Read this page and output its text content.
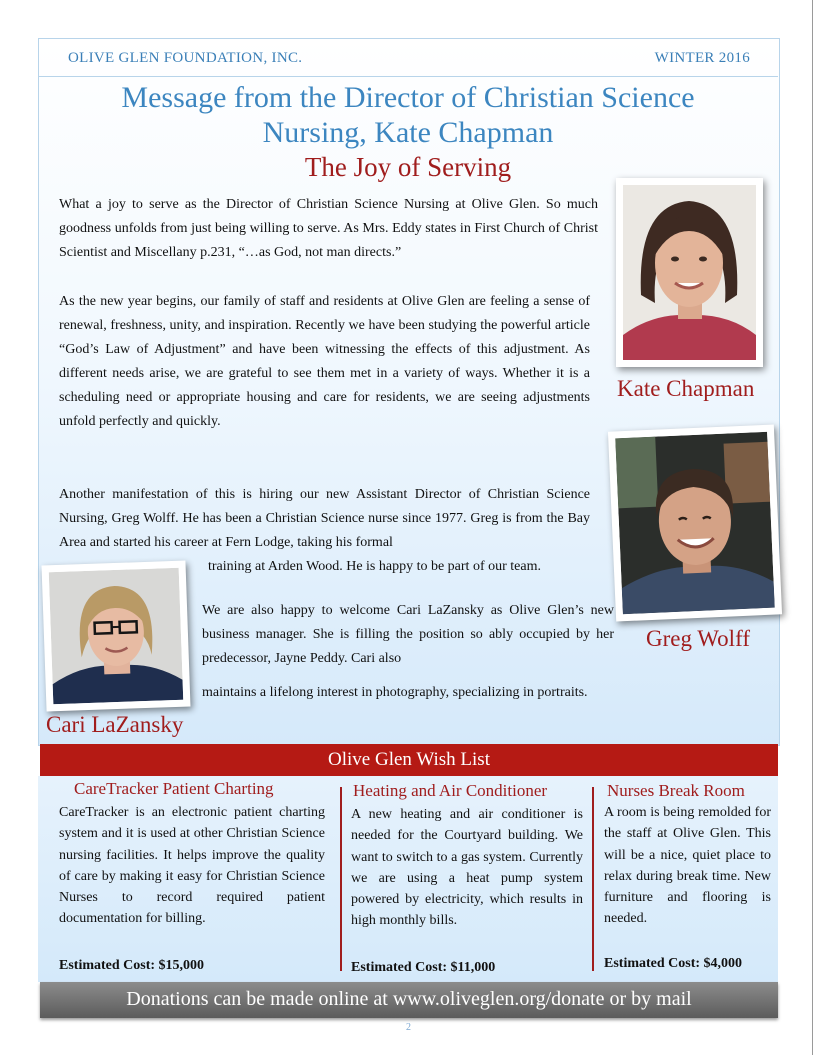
OLIVE GLEN FOUNDATION, INC.	WINTER 2016
Message from the Director of Christian Science
Nursing, Kate Chapman
The Joy of Serving

What a joy to serve as the Director of Christian Science Nursing at Olive Glen. So much goodness unfolds from just being willing to serve. As Mrs. Eddy states in First Church of Christ Scientist and Miscellany p.231, “…as God, not man directs.”

As the new year begins, our family of staff and residents at Olive Glen are feeling a sense of renewal, freshness, unity, and inspiration. Recently we have been studying the powerful article “God’s Law of Adjustment” and have been witnessing the effects of this adjustment. As different needs arise, we are grateful to see them met in a variety of ways. Whether it is a scheduling need or appropriate housing and care for residents, we are seeing adjustments unfold perfectly and quickly.

Another manifestation of this is hiring our new Assistant Director of Christian Science Nursing, Greg Wolff. He has been a Christian Science nurse since 1977. Greg is from the Bay Area and started his career at Fern Lodge, taking his formal

training at Arden Wood. He is happy to be part of our team.

We are also happy to welcome Cari LaZansky as Olive Glen’s new business manager. She is filling the position so ably occupied by her predecessor, Jayne Peddy. Cari also

maintains a lifelong interest in photography, specializing in portraits.

Kate Chapman
Greg Wolff
Cari LaZansky
Olive Glen Wish List
CareTracker Patient Charting

CareTracker is an electronic patient charting system and it is used at other Christian Science nursing facilities. It helps improve the quality of care by making it easy for Christian Science Nurses to record required patient documentation for billing.

Estimated Cost: $15,000
Heating and Air Conditioner

A new heating and air conditioner is needed for the Courtyard building. We want to switch to a gas system. Currently we are using a heat pump system powered by electricity, which results in high monthly bills.

Estimated Cost: $11,000
Nurses Break Room

A room is being remolded for the staff at Olive Glen. This will be a nice, quiet place to relax during break time. New furniture and flooring is needed.

Estimated Cost: $4,000
Donations can be made online at www.oliveglen.org/donate or by mail
2
